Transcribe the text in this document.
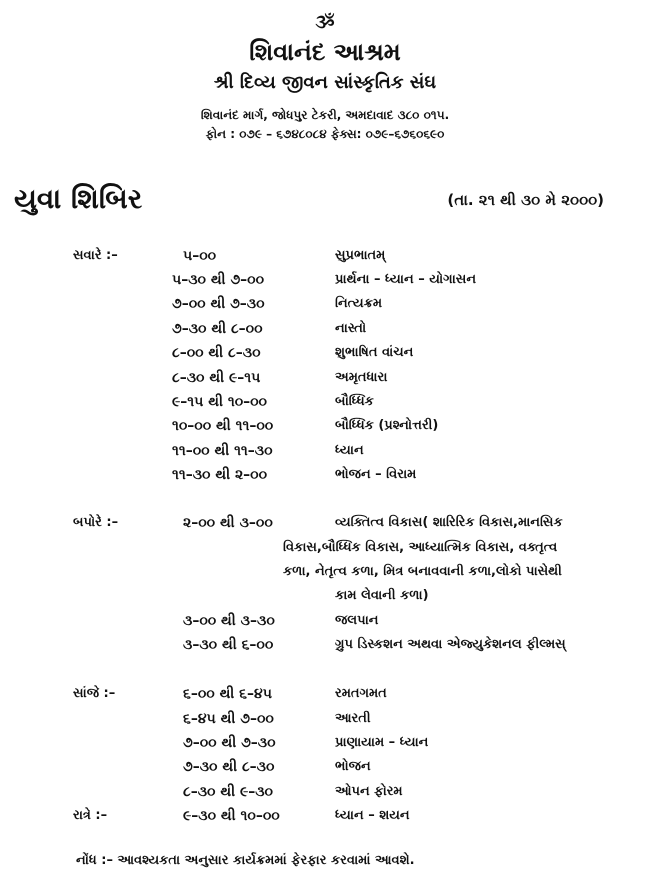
ૐ
શિવાનંદ આશ્રમ
શ્રી દિવ્ય જીવન સાંસ્કૃતિક સંઘ
શિવાનંદ માર્ગ, જોધપુર ટેકરી, અમદાવાદ ૩૮૦ ૦૧૫.
ફોન : ૦૭૯ – ૬૭૪૮૦૮૪ ફેક્સ: ૦૭૯–૬૭૬૦૬૯૦
યુવા શિબિર	(તા. ૨૧ થી ૩૦ મે ૨૦૦૦)
સવારે :–	૫–૦૦	સુપ્રભાતમ્
૫–૩૦ થી ૭–૦૦	પ્રાર્થના – ધ્યાન – યોગાસન
૭–૦૦ થી ૭–૩૦	નિત્યક્રમ
૭–૩૦ થી ૮–૦૦	નાસ્તો
૮–૦૦ થી ૮–૩૦	શુભાષિત વાંચન
૮–૩૦ થી ૯–૧૫	અમૃતધારા
૯–૧૫ થી ૧૦–૦૦	બૌધ્ધિક
૧૦–૦૦ થી ૧૧–૦૦	બૌધ્ધિક (પ્રશ્નોત્તરી)
૧૧–૦૦ થી ૧૧–૩૦	ધ્યાન
૧૧–૩૦ થી ૨–૦૦	ભોજન – વિરામ
બપોરે :–	૨–૦૦ થી ૩–૦૦	વ્યક્તિત્વ વિકાસ( શારિરિક વિકાસ,માનસિક
વિકાસ,બૌધ્ધિક વિકાસ, આધ્યાત્મિક વિકાસ, વક્તૃત્વ
કળા, નેતૃત્વ કળા, મિત્ર બનાવવાની કળા,લોકો પાસેથી
કામ લેવાની કળા)
૩–૦૦ થી ૩–૩૦	જલપાન
૩–૩૦ થી ૬–૦૦	ગ્રુપ ડિસ્કશન અથવા એજ્યુકેશનલ ફીલ્મસ્
સાંજે :–	૬–૦૦ થી ૬–૪૫	રમતગમત
૬–૪૫ થી ૭–૦૦	આરતી
૭–૦૦ થી ૭–૩૦	પ્રાણાયામ – ધ્યાન
૭–૩૦ થી ૮–૩૦	ભોજન
૮–૩૦ થી ૯–૩૦	ઓપન ફોરમ
રાત્રે :–	૯–૩૦ થી ૧૦–૦૦	ધ્યાન – શયન
નોંધ :– આવશ્યકતા અનુસાર કાર્યક્રમમાં ફેરફાર કરવામાં આવશે.
